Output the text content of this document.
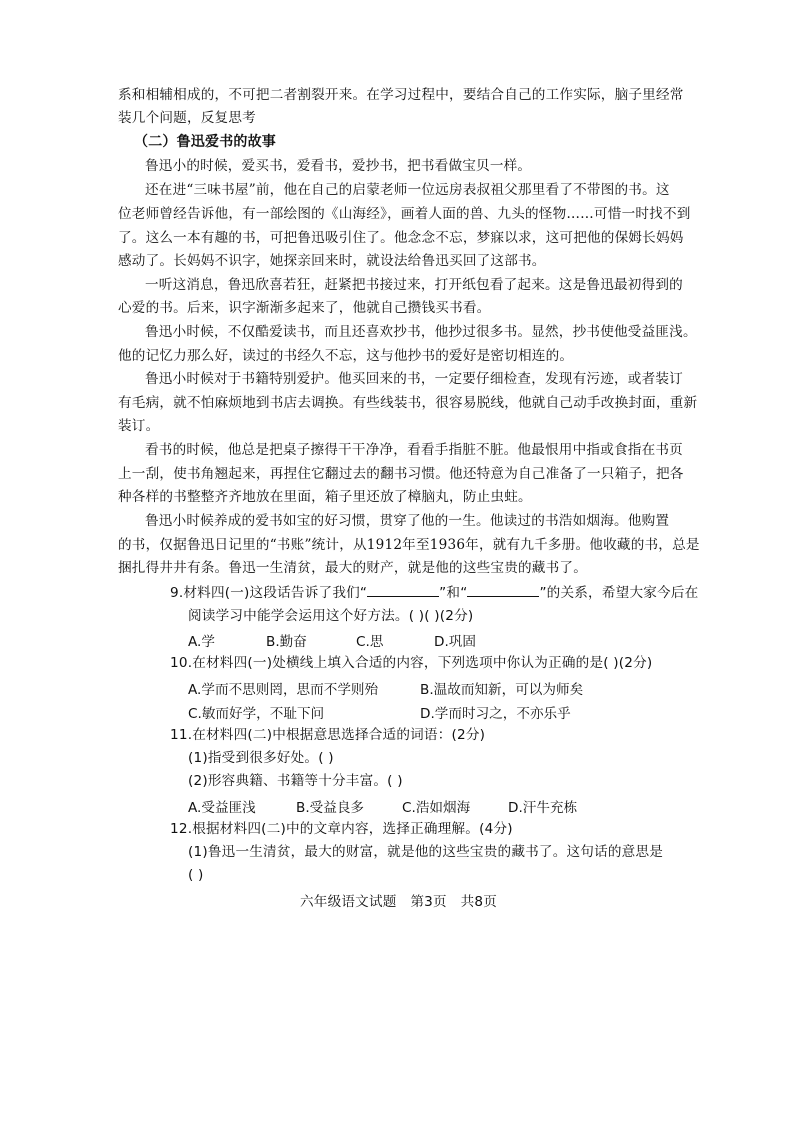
系和相辅相成的，不可把二者割裂开来。在学习过程中，要结合自己的工作实际，脑子里经常
装几个问题，反复思考
（二）鲁迅爱书的故事
鲁迅小的时候，爱买书，爱看书，爱抄书，把书看做宝贝一样。
还在进“三味书屋”前，他在自己的启蒙老师一位远房表叔祖父那里看了不带图的书。这
位老师曾经告诉他，有一部绘图的《山海经》，画着人面的兽、九头的怪物……可惜一时找不到
了。这么一本有趣的书，可把鲁迅吸引住了。他念念不忘，梦寐以求，这可把他的保姆长妈妈
感动了。长妈妈不识字，她探亲回来时，就设法给鲁迅买回了这部书。
一听这消息，鲁迅欣喜若狂，赶紧把书接过来，打开纸包看了起来。这是鲁迅最初得到的
心爱的书。后来，识字渐渐多起来了，他就自己攒钱买书看。
鲁迅小时候，不仅酷爱读书，而且还喜欢抄书，他抄过很多书。显然，抄书使他受益匪浅。
他的记忆力那么好，读过的书经久不忘，这与他抄书的爱好是密切相连的。
鲁迅小时候对于书籍特别爱护。他买回来的书，一定要仔细检查，发现有污迹，或者装订
有毛病，就不怕麻烦地到书店去调换。有些线装书，很容易脱线，他就自己动手改换封面，重新
装订。
看书的时候，他总是把桌子擦得干干净净，看看手指脏不脏。他最恨用中指或食指在书页
上一刮，使书角翘起来，再捏住它翻过去的翻书习惯。他还特意为自己准备了一只箱子，把各
种各样的书整整齐齐地放在里面，箱子里还放了樟脑丸，防止虫蛀。
鲁迅小时候养成的爱书如宝的好习惯，贯穿了他的一生。他读过的书浩如烟海。他购置
的书，仅据鲁迅日记里的“书账”统计，从1912年至1936年，就有九千多册。他收藏的书，总是
捆扎得井井有条。鲁迅一生清贫，最大的财产，就是他的这些宝贵的藏书了。
9.材料四(一)这段话告诉了我们“	”和“	”的关系，希望大家今后在
阅读学习中能学会运用这个好方法。( )( )(2分)
A.学	B.勤奋	C.思	D.巩固
10.在材料四(一)处横线上填入合适的内容，下列选项中你认为正确的是( )(2分)
A.学而不思则罔，思而不学则殆	B.温故而知新，可以为师矣
C.敏而好学，不耻下问	D.学而时习之，不亦乐乎
11.在材料四(二)中根据意思选择合适的词语：(2分)
(1)指受到很多好处。( )
(2)形容典籍、书籍等十分丰富。( )
A.受益匪浅	B.受益良多	C.浩如烟海	D.汗牛充栋
12.根据材料四(二)中的文章内容，选择正确理解。(4分)
(1)鲁迅一生清贫，最大的财富，就是他的这些宝贵的藏书了。这句话的意思是
( )
六年级语文试题　第3页　共8页
